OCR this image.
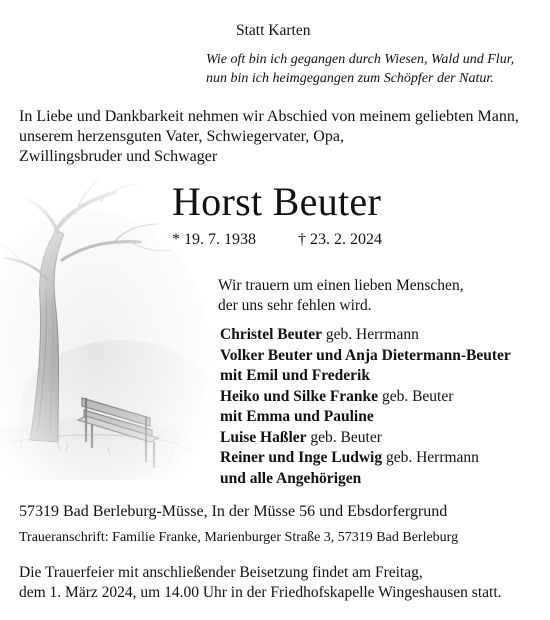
Statt Karten
Wie oft bin ich gegangen durch Wiesen, Wald und Flur,
nun bin ich heimgegangen zum Schöpfer der Natur.
In Liebe und Dankbarkeit nehmen wir Abschied von meinem geliebten Mann,
unserem herzensguten Vater, Schwiegervater, Opa,
Zwillingsbruder und Schwager
Horst Beuter
* 19. 7. 1938	† 23. 2. 2024
Wir trauern um einen lieben Menschen,
der uns sehr fehlen wird.
Christel Beuter geb. Herrmann
Volker Beuter und Anja Dietermann-Beuter
mit Emil und Frederik
Heiko und Silke Franke geb. Beuter
mit Emma und Pauline
Luise Haßler geb. Beuter
Reiner und Inge Ludwig geb. Herrmann
und alle Angehörigen
57319 Bad Berleburg-Müsse, In der Müsse 56 und Ebsdorfergrund
Traueranschrift: Familie Franke, Marienburger Straße 3, 57319 Bad Berleburg
Die Trauerfeier mit anschließender Beisetzung findet am Freitag,
dem 1. März 2024, um 14.00 Uhr in der Friedhofskapelle Wingeshausen statt.
